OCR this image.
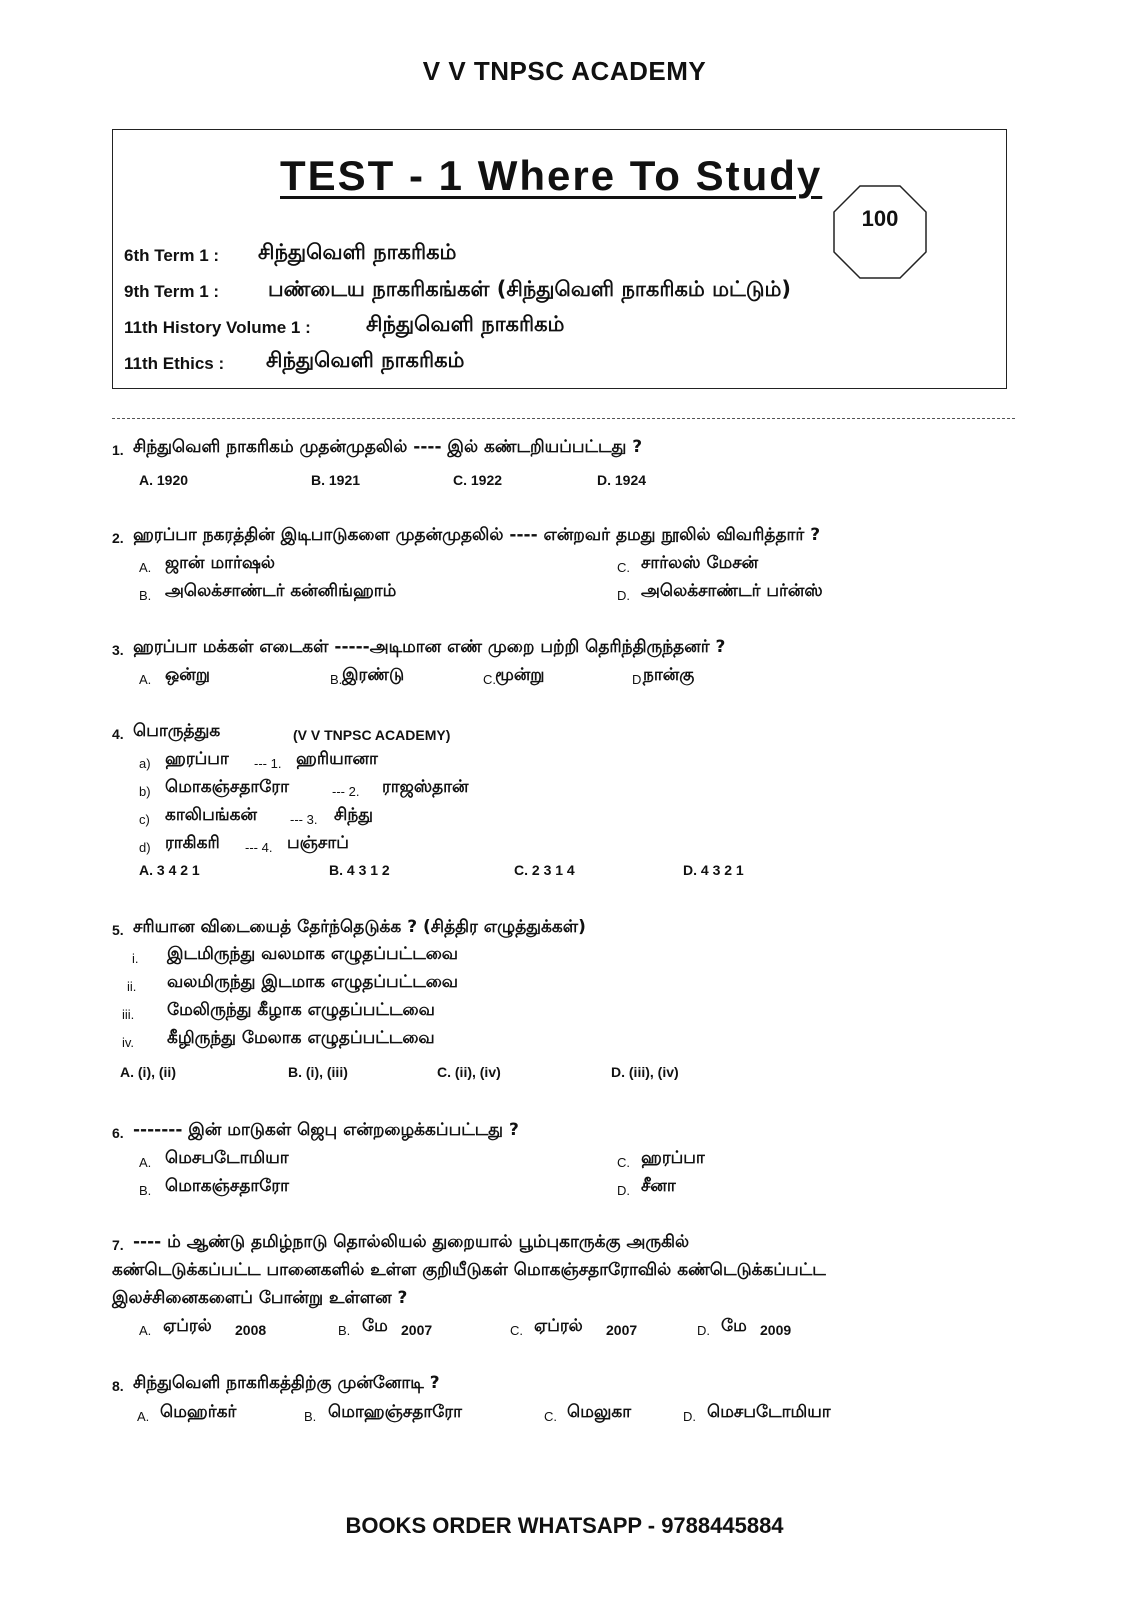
V V TNPSC ACADEMY
TEST - 1 Where To Study
100
6th Term 1 : சிந்துவெளி நாகரிகம்
9th Term 1 : பண்டைய நாகரிகங்கள் (சிந்துவெளி நாகரிகம் மட்டும்)
11th History Volume 1 :	சிந்துவெளி நாகரிகம்
11th Ethics : சிந்துவெளி நாகரிகம்
1. சிந்துவெளி நாகரிகம் முதன்முதலில் ---- இல் கண்டறியப்பட்டது ?
A. 1920	B. 1921	C. 1922	D. 1924
2. ஹரப்பா நகரத்தின் இடிபாடுகளை முதன்முதலில் ---- என்றவர் தமது நூலில் விவரித்தார் ?
A. ஜான் மார்ஷல்	C. சார்லஸ் மேசன்
B. அலெக்சாண்டர் கன்னிங்ஹாம்	D. அலெக்சாண்டர் பர்ன்ஸ்
3. ஹரப்பா மக்கள் எடைகள் -----அடிமான எண் முறை பற்றி தெரிந்திருந்தனர் ?
A. ஒன்று	B. இரண்டு	C. மூன்று	D.
நான்கு
4. பொருத்துக	(V V TNPSC ACADEMY)
a) ஹரப்பா --- 1. ஹரியானா
b) மொகஞ்சதாரோ	--- 2. ராஜஸ்தான்
c) காலிபங்கன்	--- 3. சிந்து
d) ராகிகரி --- 4. பஞ்சாப்
A. 3 4 2 1	B. 4 3 1 2	C. 2 3 1 4	D. 4 3 2 1
5. சரியான விடையைத் தேர்ந்தெடுக்க ? (சித்திர எழுத்துக்கள்)
i. இடமிருந்து வலமாக எழுதப்பட்டவை
ii. வலமிருந்து இடமாக எழுதப்பட்டவை
iii. மேலிருந்து கீழாக எழுதப்பட்டவை
iv. கீழிருந்து மேலாக எழுதப்பட்டவை
A. (i), (ii)	B. (i), (iii)	C. (ii), (iv)	D. (iii), (iv)
6. ------- இன் மாடுகள் ஜெபு என்றழைக்கப்பட்டது ?
A. மெசபடோமியா	C. ஹரப்பா
B. மொகஞ்சதாரோ	D. சீனா
7. ---- ம் ஆண்டு தமிழ்நாடு தொல்லியல் துறையால் பூம்புகாருக்கு அருகில்
கண்டெடுக்கப்பட்ட பானைகளில் உள்ள குறியீடுகள் மொகஞ்சதாரோவில் கண்டெடுக்கப்பட்ட
இலச்சினைகளைப் போன்று உள்ளன ?
A. ஏப்ரல் 2008	B. மே 2007	C. ஏப்ரல் 2007	D. மே 2009
8. சிந்துவெளி நாகரிகத்திற்கு முன்னோடி ?
A. மெஹர்கர்	B. மொஹஞ்சதாரோ	C. மெலுகா	D. மெசபடோமியா
BOOKS ORDER WHATSAPP - 9788445884
